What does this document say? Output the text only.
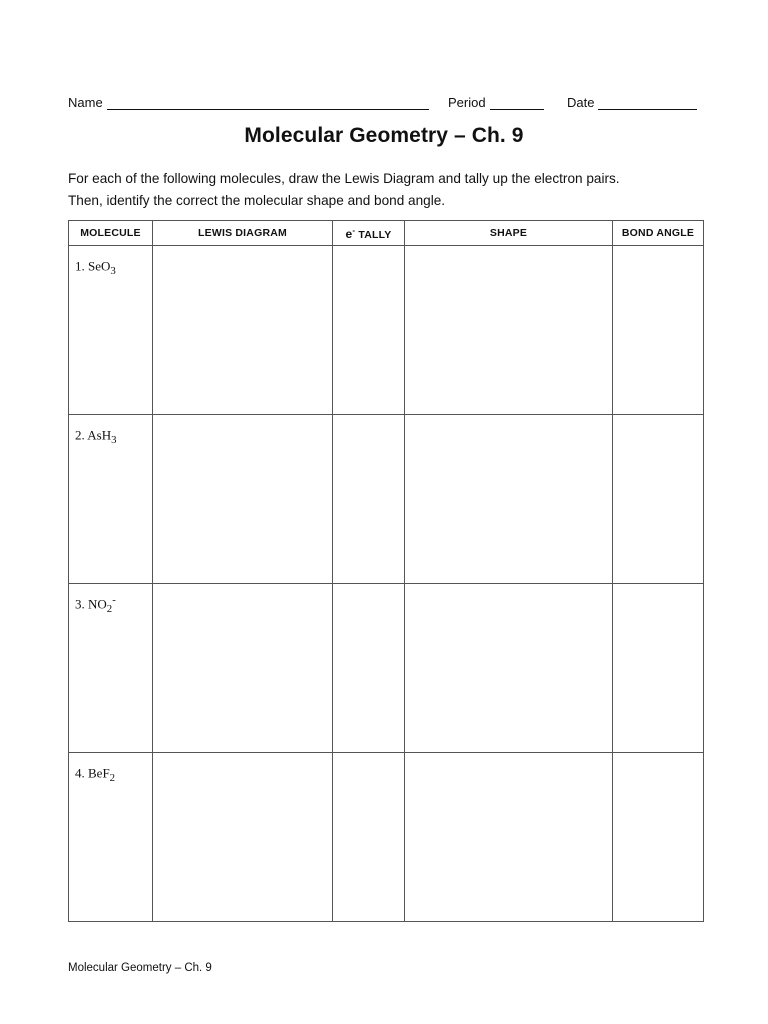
Name	Period	Date
Molecular Geometry – Ch. 9

For each of the following molecules, draw the Lewis Diagram and tally up the electron pairs.

Then, identify the correct the molecular shape and bond angle.

MOLECULE	LEWIS DIAGRAM	e- TALLY	SHAPE	BOND ANGLE

1. SeO$_3$

2. AsH$_3$

3. $NO_2^-$

4. BeF$_2$

Molecular Geometry – Ch. 9
